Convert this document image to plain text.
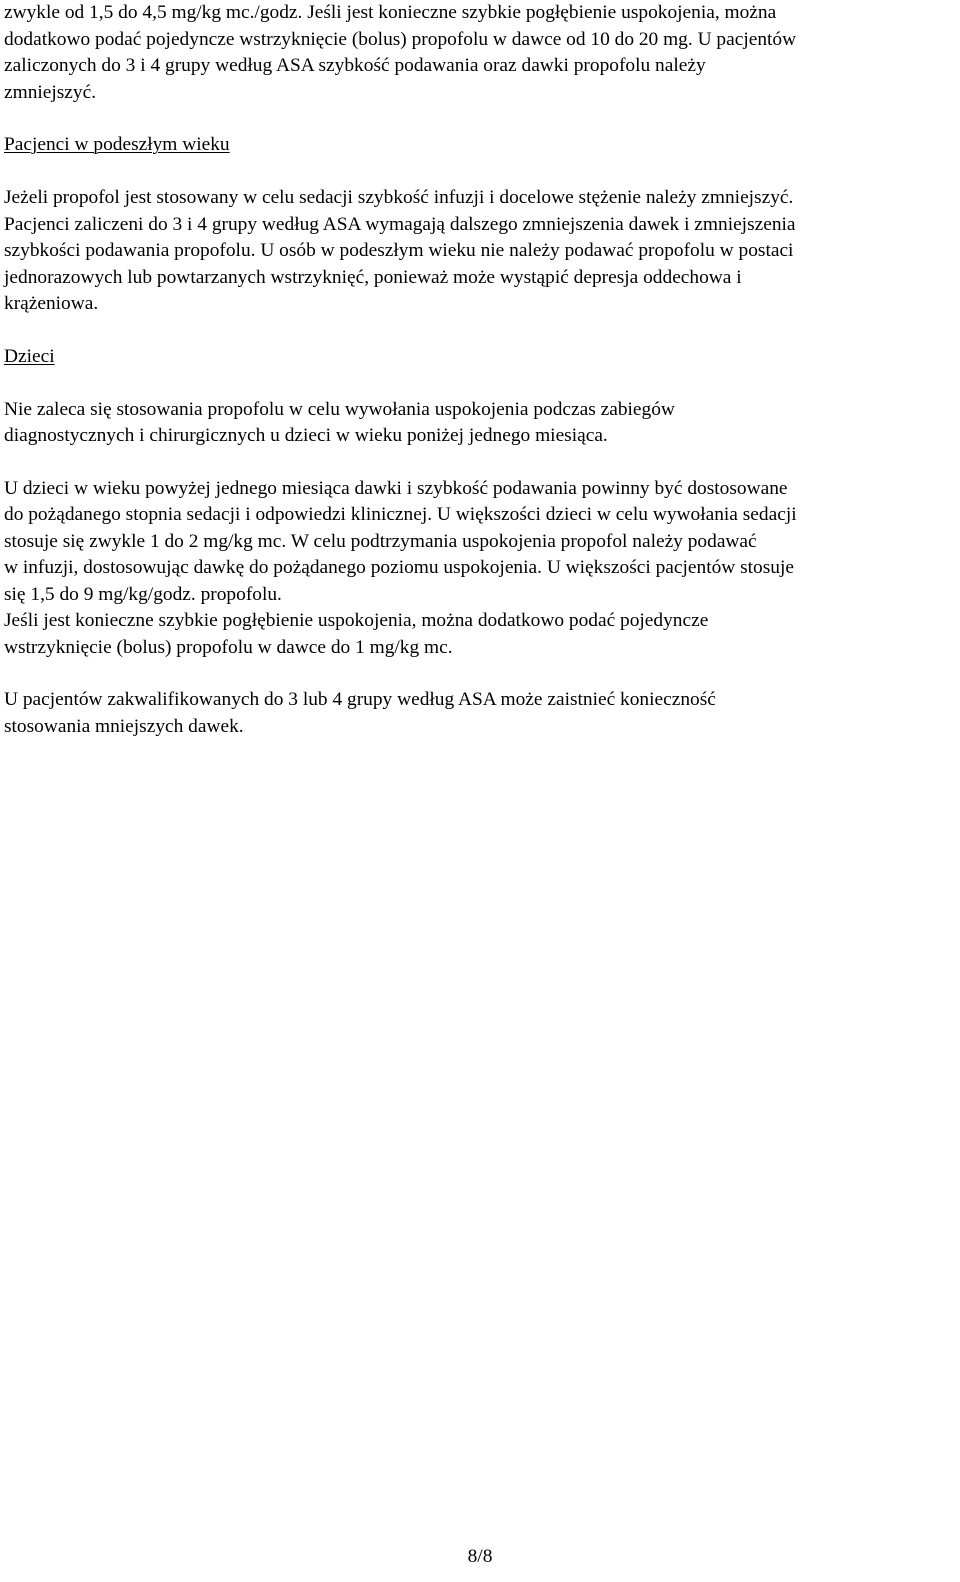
zwykle od 1,5 do 4,5 mg/kg mc./godz. Jeśli jest konieczne szybkie pogłębienie uspokojenia, można
dodatkowo podać pojedyncze wstrzyknięcie (bolus) propofolu w dawce od 10 do 20 mg. U pacjentów
zaliczonych do 3 i 4 grupy według ASA szybkość podawania oraz dawki propofolu należy
zmniejszyć.
Pacjenci w podeszłym wieku
Jeżeli propofol jest stosowany w celu sedacji szybkość infuzji i docelowe stężenie należy zmniejszyć.
Pacjenci zaliczeni do 3 i 4 grupy według ASA wymagają dalszego zmniejszenia dawek i zmniejszenia
szybkości podawania propofolu. U osób w podeszłym wieku nie należy podawać propofolu w postaci
jednorazowych lub powtarzanych wstrzyknięć, ponieważ może wystąpić depresja oddechowa i
krążeniowa.
Dzieci
Nie zaleca się stosowania propofolu w celu wywołania uspokojenia podczas zabiegów
diagnostycznych i chirurgicznych u dzieci w wieku poniżej jednego miesiąca.
U dzieci w wieku powyżej jednego miesiąca dawki i szybkość podawania powinny być dostosowane
do pożądanego stopnia sedacji i odpowiedzi klinicznej. U większości dzieci w celu wywołania sedacji
stosuje się zwykle 1 do 2 mg/kg mc. W celu podtrzymania uspokojenia propofol należy podawać
w infuzji, dostosowując dawkę do pożądanego poziomu uspokojenia. U większości pacjentów stosuje
się 1,5 do 9 mg/kg/godz. propofolu.
Jeśli jest konieczne szybkie pogłębienie uspokojenia, można dodatkowo podać pojedyncze
wstrzyknięcie (bolus) propofolu w dawce do 1 mg/kg mc.
U pacjentów zakwalifikowanych do 3 lub 4 grupy według ASA może zaistnieć konieczność
stosowania mniejszych dawek.
8/8
